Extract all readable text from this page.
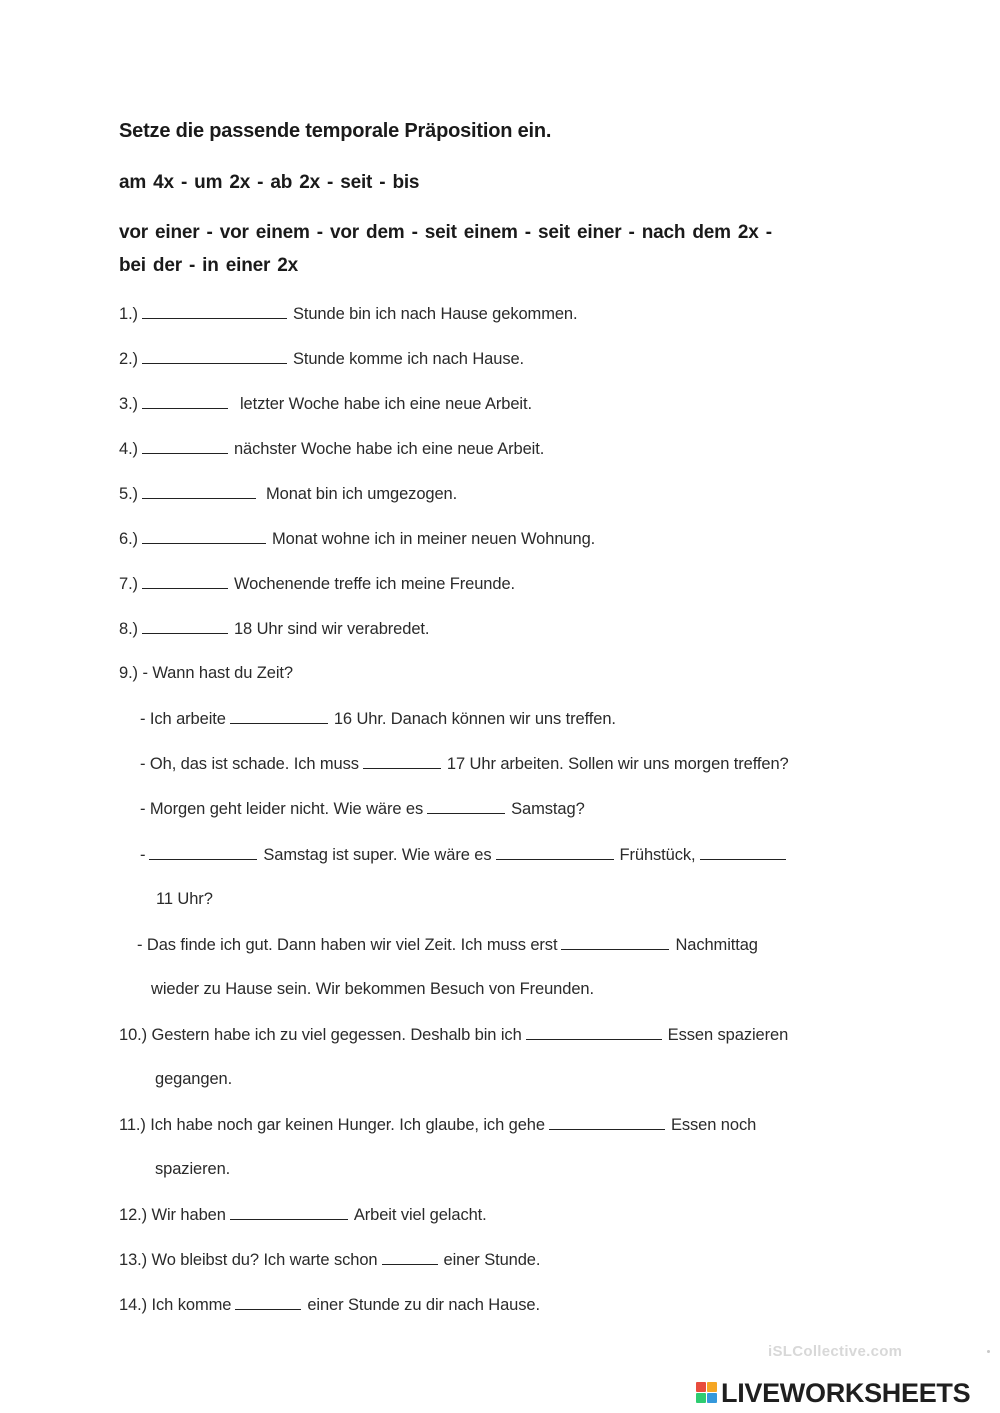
Setze die passende temporale Präposition ein.
am 4x - um 2x - ab 2x - seit - bis
vor einer - vor einem - vor dem - seit einem - seit einer - nach dem 2x -
bei der - in einer 2x
1.)	Stunde bin ich nach Hause gekommen.
2.)	Stunde komme ich nach Hause.
3.)	letzter Woche habe ich eine neue Arbeit.
4.)	nächster Woche habe ich eine neue Arbeit.
5.)	Monat bin ich umgezogen.
6.)	Monat wohne ich in meiner neuen Wohnung.
7.)	Wochenende treffe ich meine Freunde.
8.)	18 Uhr sind wir verabredet.
9.) - Wann hast du Zeit?
- Ich arbeite	16 Uhr. Danach können wir uns treffen.
- Oh, das ist schade. Ich muss	17 Uhr arbeiten. Sollen wir uns morgen treffen?
- Morgen geht leider nicht. Wie wäre es	Samstag?
-	Samstag ist super. Wie wäre es	Frühstück,
11 Uhr?
- Das finde ich gut. Dann haben wir viel Zeit. Ich muss erst	Nachmittag
wieder zu Hause sein. Wir bekommen Besuch von Freunden.
10.) Gestern habe ich zu viel gegessen. Deshalb bin ich	Essen spazieren
gegangen.
11.) Ich habe noch gar keinen Hunger. Ich glaube, ich gehe	Essen noch
spazieren.
12.) Wir haben	Arbeit viel gelacht.
13.) Wo bleibst du? Ich warte schon	einer Stunde.
14.) Ich komme	einer Stunde zu dir nach Hause.
iSLCollective.com
LIVEWORKSHEETS
